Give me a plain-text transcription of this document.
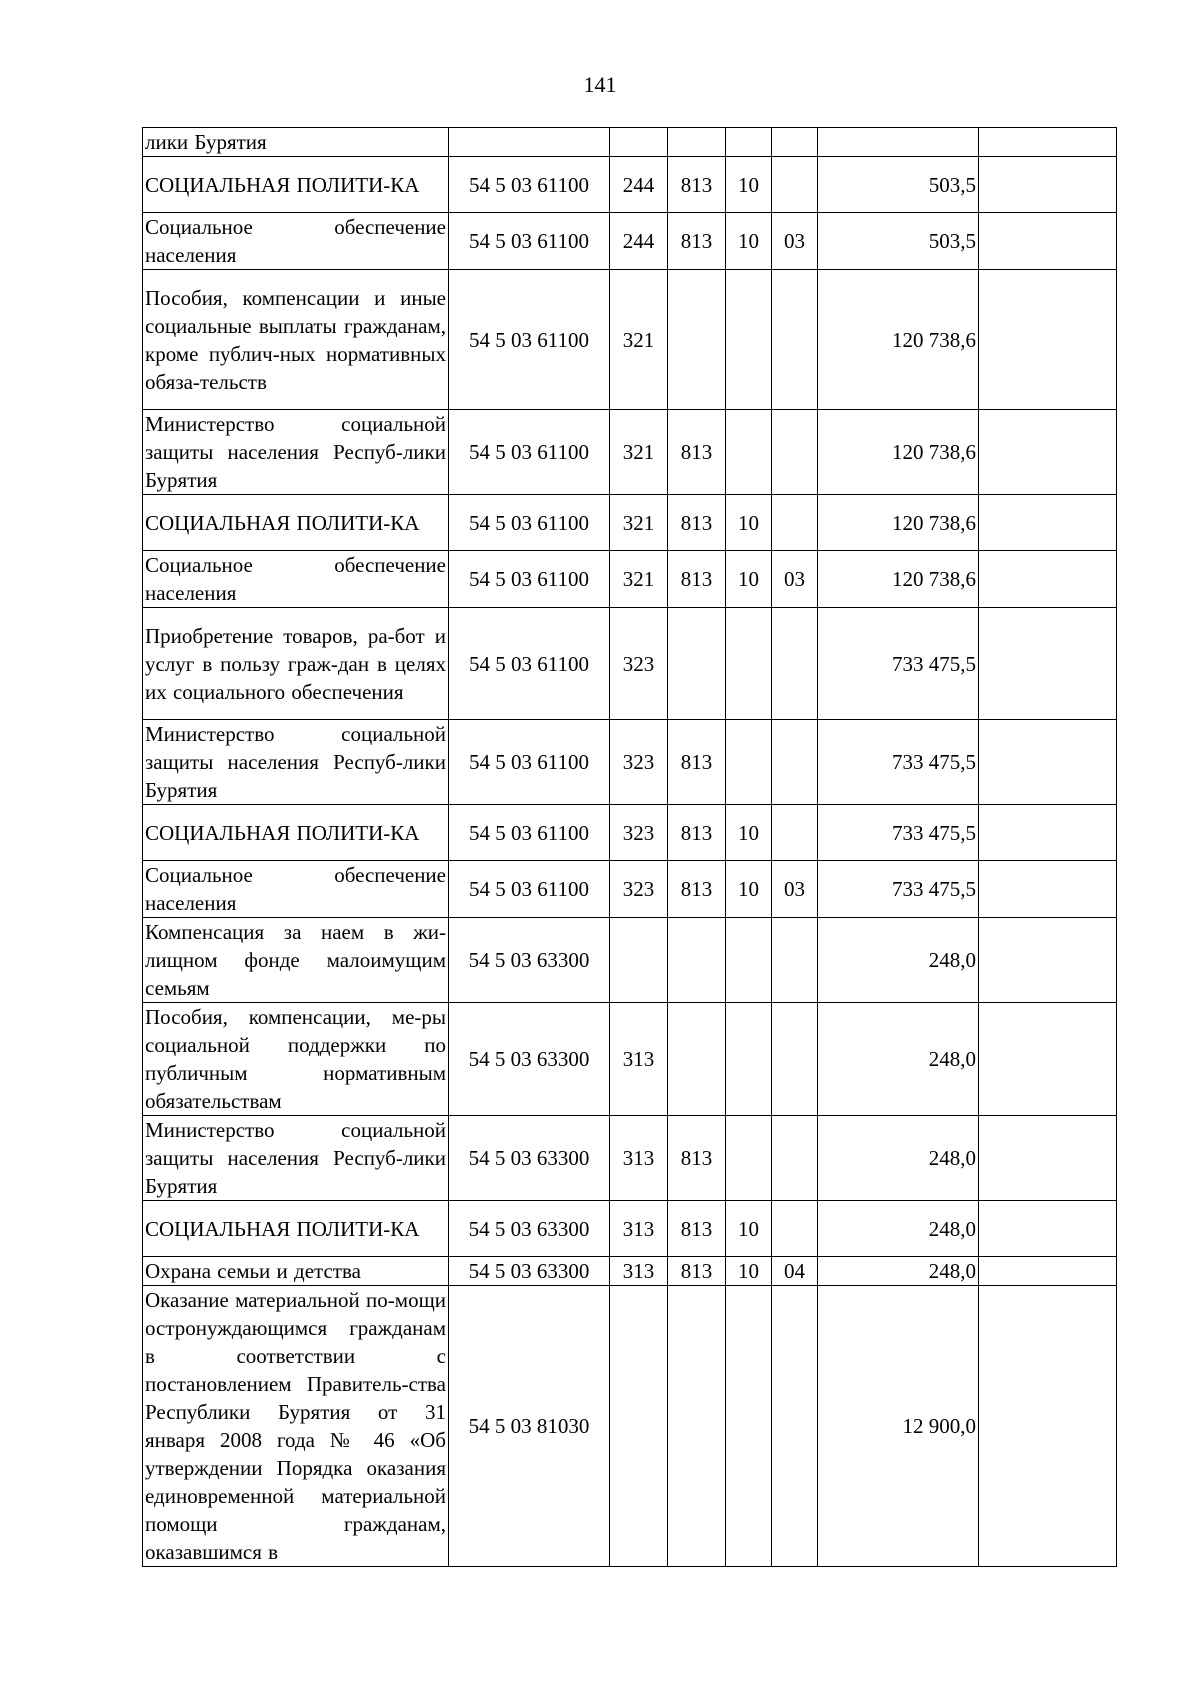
141
лики Бурятия							
СОЦИАЛЬНАЯ ПОЛИТИ-КА	54 5 03 61100	244	813	10		503,5	
Социальное обеспечение населения	54 5 03 61100	244	813	10	03	503,5	
Пособия, компенсации и иные социальные выплаты гражданам, кроме публич-ных нормативных обяза-тельств	54 5 03 61100	321				120 738,6	
Министерство социальной защиты населения Респуб-лики Бурятия	54 5 03 61100	321	813			120 738,6	
СОЦИАЛЬНАЯ ПОЛИТИ-КА	54 5 03 61100	321	813	10		120 738,6	
Социальное обеспечение населения	54 5 03 61100	321	813	10	03	120 738,6	
Приобретение товаров, ра-бот и услуг в пользу граж-дан в целях их социального обеспечения	54 5 03 61100	323				733 475,5	
Министерство социальной защиты населения Респуб-лики Бурятия	54 5 03 61100	323	813			733 475,5	
СОЦИАЛЬНАЯ ПОЛИТИ-КА	54 5 03 61100	323	813	10		733 475,5	
Социальное обеспечение населения	54 5 03 61100	323	813	10	03	733 475,5	
Компенсация за наем в жи-лищном фонде малоимущим семьям	54 5 03 63300					248,0	
Пособия, компенсации, ме-ры социальной поддержки по публичным нормативным обязательствам	54 5 03 63300	313				248,0	
Министерство социальной защиты населения Респуб-лики Бурятия	54 5 03 63300	313	813			248,0	
СОЦИАЛЬНАЯ ПОЛИТИ-КА	54 5 03 63300	313	813	10		248,0	
Охрана семьи и детства	54 5 03 63300	313	813	10	04	248,0	
Оказание материальной по-мощи остронуждающимся гражданам в соответствии с постановлением Правитель-ства Республики Бурятия от 31 января 2008 года № 46 «Об утверждении Порядка оказания единовременной материальной помощи гражданам, оказавшимся в	54 5 03 81030					12 900,0	
